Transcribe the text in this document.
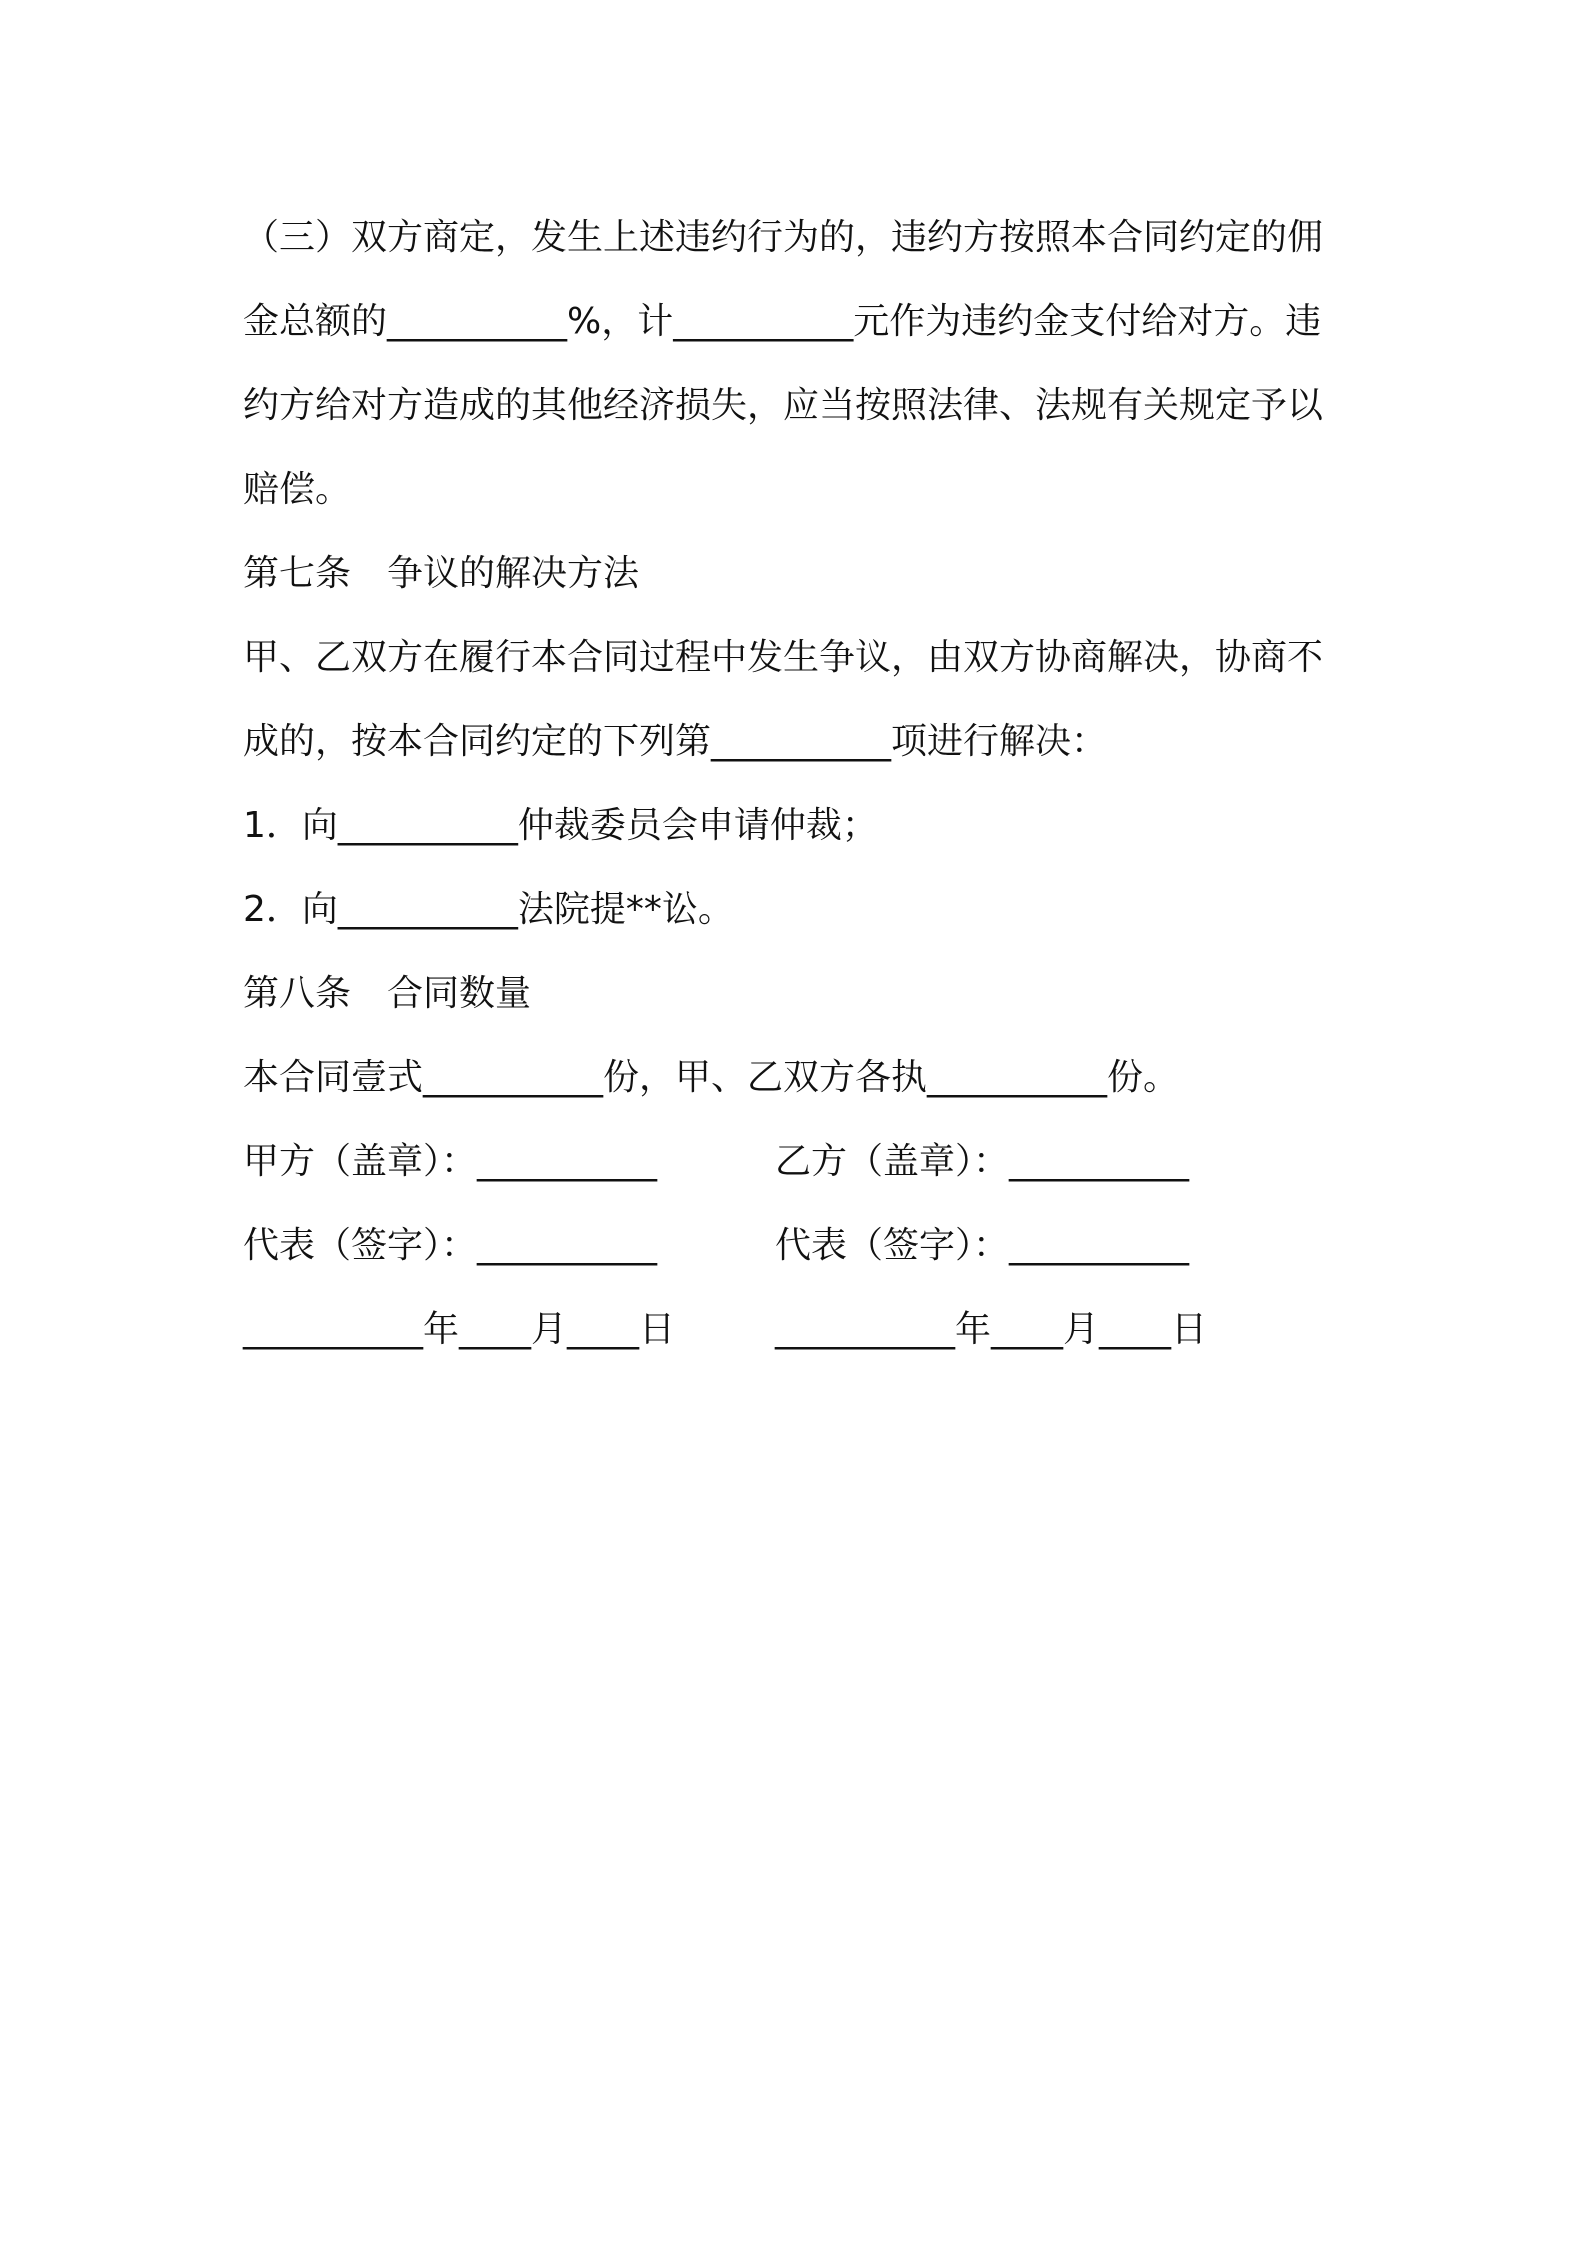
（三）双方商定，发生上述违约行为的，违约方按照本合同约定的佣
金总额的__________%，计__________元作为违约金支付给对方。违
约方给对方造成的其他经济损失，应当按照法律、法规有关规定予以
赔偿。
第七条　争议的解决方法
甲、乙双方在履行本合同过程中发生争议，由双方协商解决，协商不
成的，按本合同约定的下列第__________项进行解决：
1．向__________仲裁委员会申请仲裁；
2．向__________法院提**讼。
第八条　合同数量
本合同壹式__________份，甲、乙双方各执__________份。
甲方（盖章）：__________	乙方（盖章）：__________
代表（签字）：__________	代表（签字）：__________
__________年____月____日	__________年____月____日
